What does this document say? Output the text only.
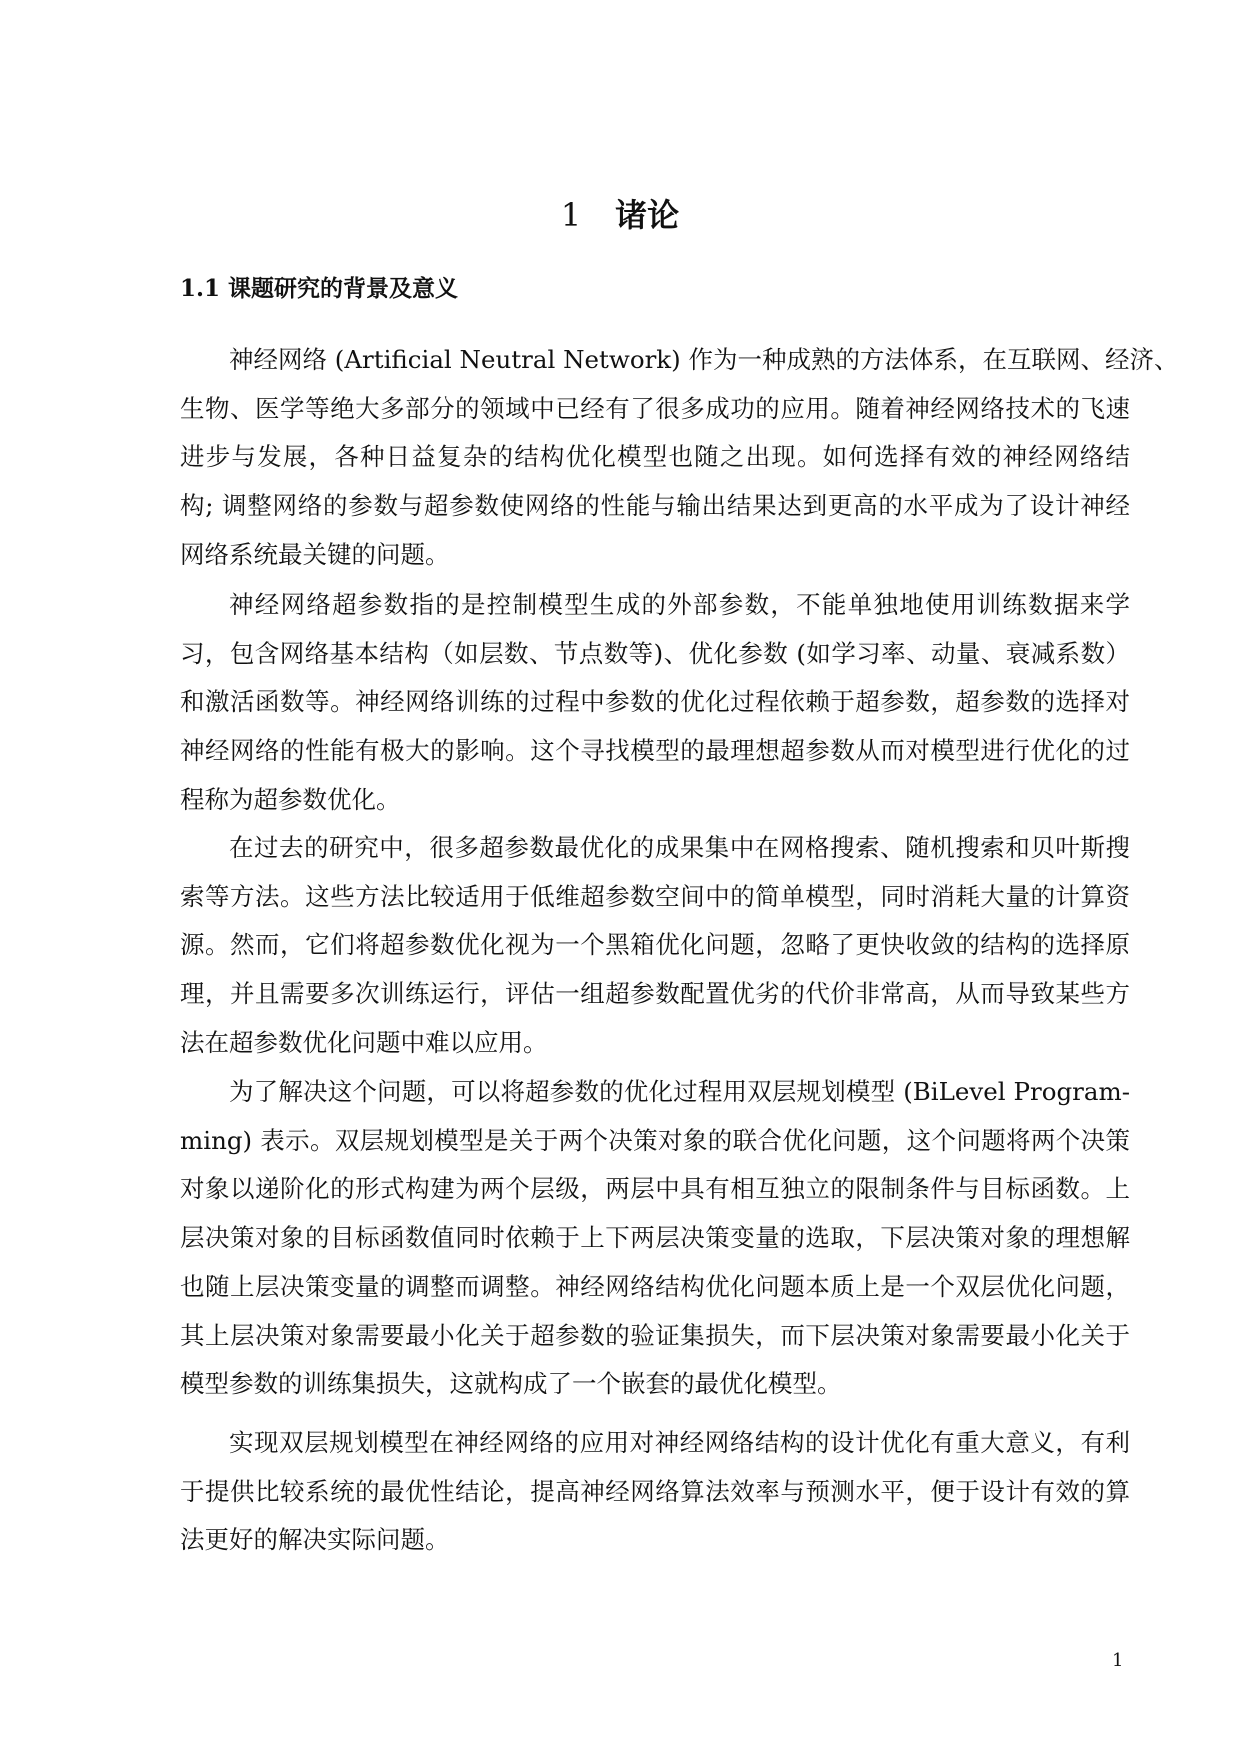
1 诸论
1.1 课题研究的背景及意义
神经网络 (Artificial Neutral Network) 作为一种成熟的方法体系，在互联网、经济、
生物、医学等绝大多部分的领域中已经有了很多成功的应用。随着神经网络技术的飞速
进步与发展，各种日益复杂的结构优化模型也随之出现。如何选择有效的神经网络结
构; 调整网络的参数与超参数使网络的性能与输出结果达到更高的水平成为了设计神经
网络系统最关键的问题。
神经网络超参数指的是控制模型生成的外部参数，不能单独地使用训练数据来学
习，包含网络基本结构（如层数、节点数等)、优化参数 (如学习率、动量、衰减系数）
和激活函数等。神经网络训练的过程中参数的优化过程依赖于超参数，超参数的选择对
神经网络的性能有极大的影响。这个寻找模型的最理想超参数从而对模型进行优化的过
程称为超参数优化。
在过去的研究中，很多超参数最优化的成果集中在网格搜索、随机搜索和贝叶斯搜
索等方法。这些方法比较适用于低维超参数空间中的简单模型，同时消耗大量的计算资
源。然而，它们将超参数优化视为一个黑箱优化问题，忽略了更快收敛的结构的选择原
理，并且需要多次训练运行，评估一组超参数配置优劣的代价非常高，从而导致某些方
法在超参数优化问题中难以应用。
为了解决这个问题，可以将超参数的优化过程用双层规划模型 (BiLevel Program-
ming) 表示。双层规划模型是关于两个决策对象的联合优化问题，这个问题将两个决策
对象以递阶化的形式构建为两个层级，两层中具有相互独立的限制条件与目标函数。上
层决策对象的目标函数值同时依赖于上下两层决策变量的选取，下层决策对象的理想解
也随上层决策变量的调整而调整。神经网络结构优化问题本质上是一个双层优化问题，
其上层决策对象需要最小化关于超参数的验证集损失，而下层决策对象需要最小化关于
模型参数的训练集损失，这就构成了一个嵌套的最优化模型。
实现双层规划模型在神经网络的应用对神经网络结构的设计优化有重大意义，有利
于提供比较系统的最优性结论，提高神经网络算法效率与预测水平，便于设计有效的算
法更好的解决实际问题。
1
